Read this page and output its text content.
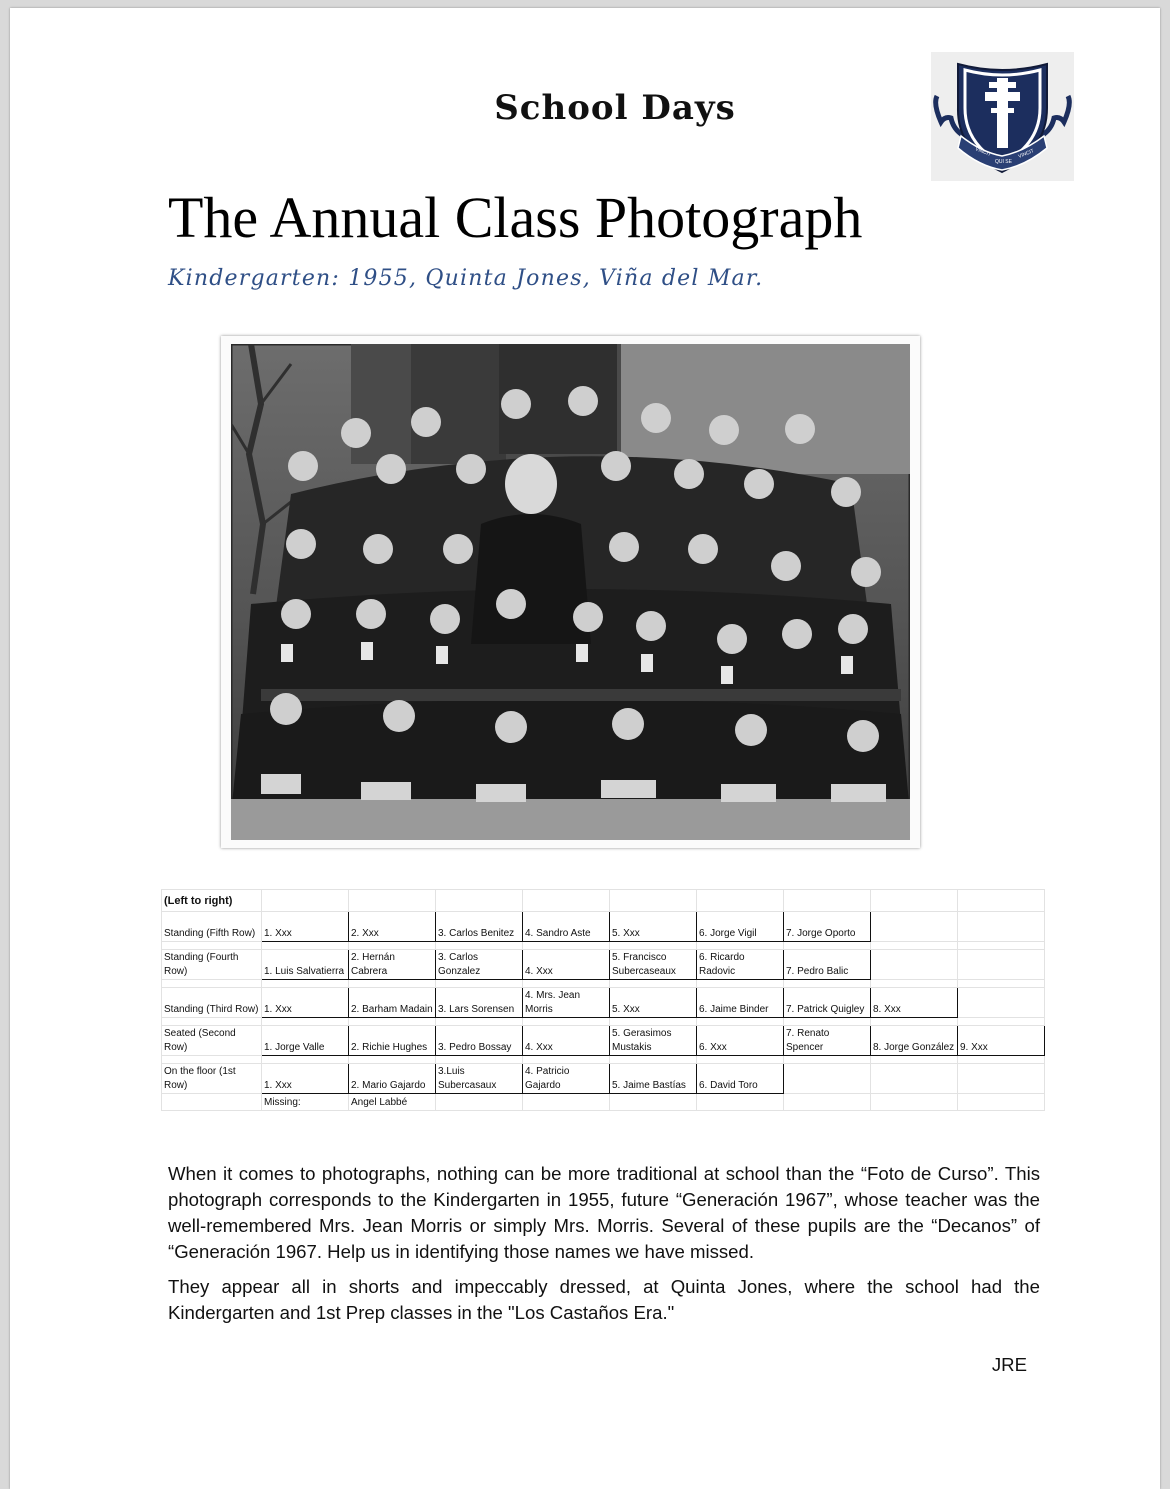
School Days
VINCIT
QUI SE
VINCIT
The Annual Class Photograph
Kindergarten: 1955, Quinta Jones, Viña del Mar.
(Left to right)									
Standing (Fifth Row)	1. Xxx	2. Xxx	3. Carlos Benitez	4. Sandro Aste	5. Xxx	6. Jorge Vigil	7. Jorge Oporto		

Standing (Fourth Row)	1. Luis Salvatierra	2. Hernán Cabrera	3. Carlos Gonzalez	4. Xxx	5. Francisco Subercaseaux	6. Ricardo Radovic	7. Pedro Balic		

Standing (Third Row)	1. Xxx	2. Barham Madain	3. Lars Sorensen	4. Mrs. Jean Morris	5. Xxx	6. Jaime Binder	7. Patrick Quigley	8. Xxx	

Seated (Second Row)	1. Jorge Valle	2. Richie Hughes	3. Pedro Bossay	4. Xxx	5. Gerasimos Mustakis	6. Xxx	7. Renato Spencer	8. Jorge González	9. Xxx

On the floor (1st Row)	1. Xxx	2. Mario Gajardo	3.Luis Subercasaux	4. Patricio Gajardo	5. Jaime Bastías	6. David Toro			
	Missing:	Angel Labbé							

When it comes to photographs, nothing can be more traditional at school than the “Foto de Curso”. This photograph corresponds to the Kindergarten in 1955, future “Generación 1967”, whose teacher was the well-remembered Mrs. Jean Morris or simply Mrs. Morris. Several of these pupils are the “Decanos” of “Generación 1967. Help us in identifying those names we have missed.

They appear all in shorts and impeccably dressed, at Quinta Jones, where the school had the Kindergarten and 1st Prep classes in the "Los Castaños Era."

JRE
